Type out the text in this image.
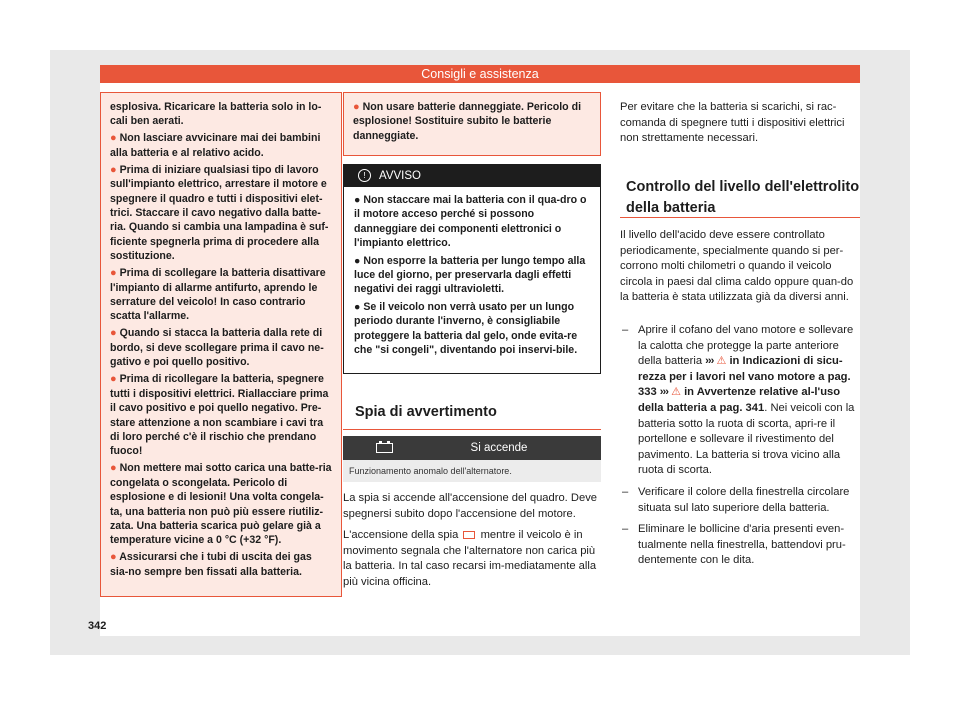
Consigli e assistenza

esplosiva. Ricaricare la batteria solo in lo-cali ben aerati.

● Non lasciare avvicinare mai dei bambini alla batteria e al relativo acido.

● Prima di iniziare qualsiasi tipo di lavoro sull'impianto elettrico, arrestare il motore e spegnere il quadro e tutti i dispositivi elet-trici. Staccare il cavo negativo dalla batte-ria. Quando si cambia una lampadina è suf-ficiente spegnerla prima di procedere alla sostituzione.

● Prima di scollegare la batteria disattivare l'impianto di allarme antifurto, aprendo le serrature del veicolo! In caso contrario scatta l'allarme.

● Quando si stacca la batteria dalla rete di bordo, si deve scollegare prima il cavo ne-gativo e poi quello positivo.

● Prima di ricollegare la batteria, spegnere tutti i dispositivi elettrici. Riallacciare prima il cavo positivo e poi quello negativo. Pre-stare attenzione a non scambiare i cavi tra di loro perché c'è il rischio che prendano fuoco!

● Non mettere mai sotto carica una batte-ria congelata o scongelata. Pericolo di esplosione e di lesioni! Una volta congela-ta, una batteria non può più essere riutiliz-zata. Una batteria scarica può gelare già a temperature vicine a 0 °C (+32 °F).

● Assicurarsi che i tubi di uscita dei gas sia-no sempre ben fissati alla batteria.

● Non usare batterie danneggiate. Pericolo di esplosione! Sostituire subito le batterie danneggiate.
! AVVISO

● Non staccare mai la batteria con il qua-dro o il motore acceso perché si possono danneggiare dei componenti elettronici o l'impianto elettrico.

● Non esporre la batteria per lungo tempo alla luce del giorno, per preservarla dagli effetti negativi dei raggi ultravioletti.

● Se il veicolo non verrà usato per un lungo periodo durante l'inverno, è consigliabile proteggere la batteria dal gelo, onde evita-re che "si congeli", diventando poi inservi-bile.

Spia di avvertimento
Si accende
Funzionamento anomalo dell'alternatore.

La spia si accende all'accensione del quadro. Deve spegnersi subito dopo l'accensione del motore.

L'accensione della spia mentre il veicolo è in movimento segnala che l'alternatore non carica più la batteria. In tal caso recarsi im-mediatamente alla più vicina officina.

Per evitare che la batteria si scarichi, si rac-comanda di spegnere tutti i dispositivi elettrici non strettamente necessari.

Controllo del livello dell'elettrolito della batteria

Il livello dell'acido deve essere controllato periodicamente, specialmente quando si per-corrono molti chilometri o quando il veicolo circola in paesi dal clima caldo oppure quan-do la batteria è stata utilizzata già da diversi anni.

– Aprire il cofano del vano motore e sollevare la calotta che protegge la parte anteriore della batteria ››› ⚠ in Indicazioni di sicu-rezza per i lavori nel vano motore a pag. 333 ››› ⚠ in Avvertenze relative al-l'uso della batteria a pag. 341. Nei veicoli con la batteria sotto la ruota di scorta, apri-re il portellone e sollevare il rivestimento del pavimento. La batteria si trova vicino alla ruota di scorta.
– Verificare il colore della finestrella circolare situata sul lato superiore della batteria.
– Eliminare le bollicine d'aria presenti even-tualmente nella finestrella, battendovi pru-dentemente con le dita.
342
